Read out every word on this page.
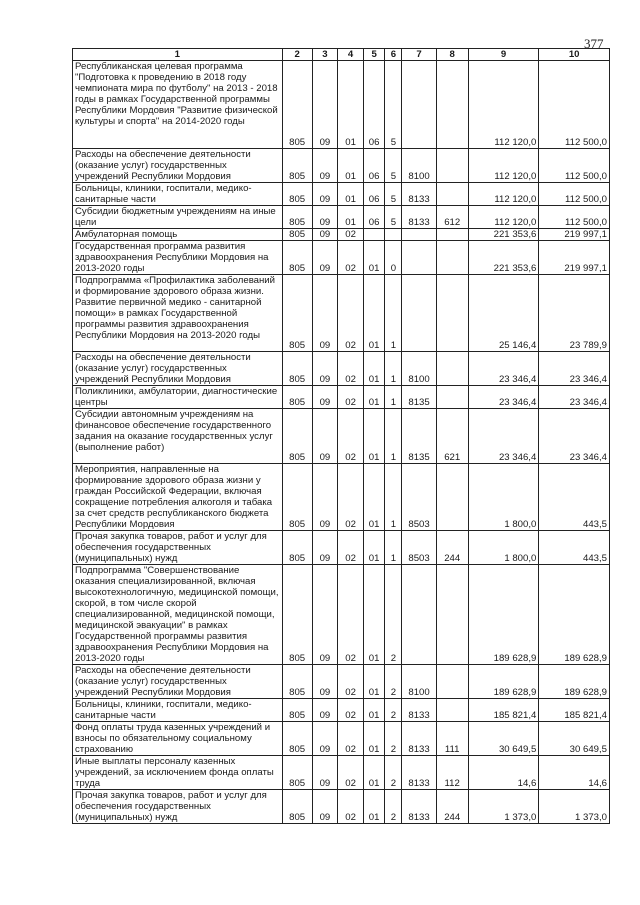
377
1	2	3	4	5	6	7	8	9	10
Республиканская целевая программа "Подготовка к проведению в 2018 году чемпионата мира по футболу" на 2013 - 2018 годы в рамках Государственной программы Республики Мордовия "Развитие физической культуры и спорта" на 2014-2020 годы	805	09	01	06	5			112 120,0	112 500,0
Расходы на обеспечение деятельности (оказание услуг) государственных учреждений Республики Мордовия	805	09	01	06	5	8100		112 120,0	112 500,0
Больницы, клиники, госпитали, медико-санитарные части	805	09	01	06	5	8133		112 120,0	112 500,0
Субсидии бюджетным учреждениям на иные цели	805	09	01	06	5	8133	612	112 120,0	112 500,0
Амбулаторная помощь	805	09	02					221 353,6	219 997,1
Государственная программа развития здравоохранения Республики Мордовия на 2013-2020 годы	805	09	02	01	0			221 353,6	219 997,1
Подпрограмма «Профилактика заболеваний и формирование здорового образа жизни. Развитие первичной медико - санитарной помощи» в рамках Государственной программы развития здравоохранения Республики Мордовия на 2013-2020 годы	805	09	02	01	1			25 146,4	23 789,9
Расходы на обеспечение деятельности (оказание услуг) государственных учреждений Республики Мордовия	805	09	02	01	1	8100		23 346,4	23 346,4
Поликлиники, амбулатории, диагностические центры	805	09	02	01	1	8135		23 346,4	23 346,4
Субсидии автономным учреждениям на финансовое обеспечение государственного задания на оказание государственных услуг (выполнение работ)	805	09	02	01	1	8135	621	23 346,4	23 346,4
Мероприятия, направленные на формирование здорового образа жизни у граждан Российской Федерации, включая сокращение потребления алкоголя и табака за счет средств республиканского бюджета Республики Мордовия	805	09	02	01	1	8503		1 800,0	443,5
Прочая закупка товаров, работ и услуг для обеспечения государственных (муниципальных) нужд	805	09	02	01	1	8503	244	1 800,0	443,5
Подпрограмма "Совершенствование оказания специализированной, включая высокотехнологичную, медицинской помощи, скорой, в том числе скорой специализированной, медицинской помощи, медицинской эвакуации" в рамках Государственной программы развития здравоохранения Республики Мордовия на 2013-2020 годы	805	09	02	01	2			189 628,9	189 628,9
Расходы на обеспечение деятельности (оказание услуг) государственных учреждений Республики Мордовия	805	09	02	01	2	8100		189 628,9	189 628,9
Больницы, клиники, госпитали, медико-санитарные части	805	09	02	01	2	8133		185 821,4	185 821,4
Фонд оплаты труда казенных учреждений и взносы по обязательному социальному страхованию	805	09	02	01	2	8133	111	30 649,5	30 649,5
Иные выплаты персоналу казенных учреждений, за исключением фонда оплаты труда	805	09	02	01	2	8133	112	14,6	14,6
Прочая закупка товаров, работ и услуг для обеспечения государственных (муниципальных) нужд	805	09	02	01	2	8133	244	1 373,0	1 373,0
